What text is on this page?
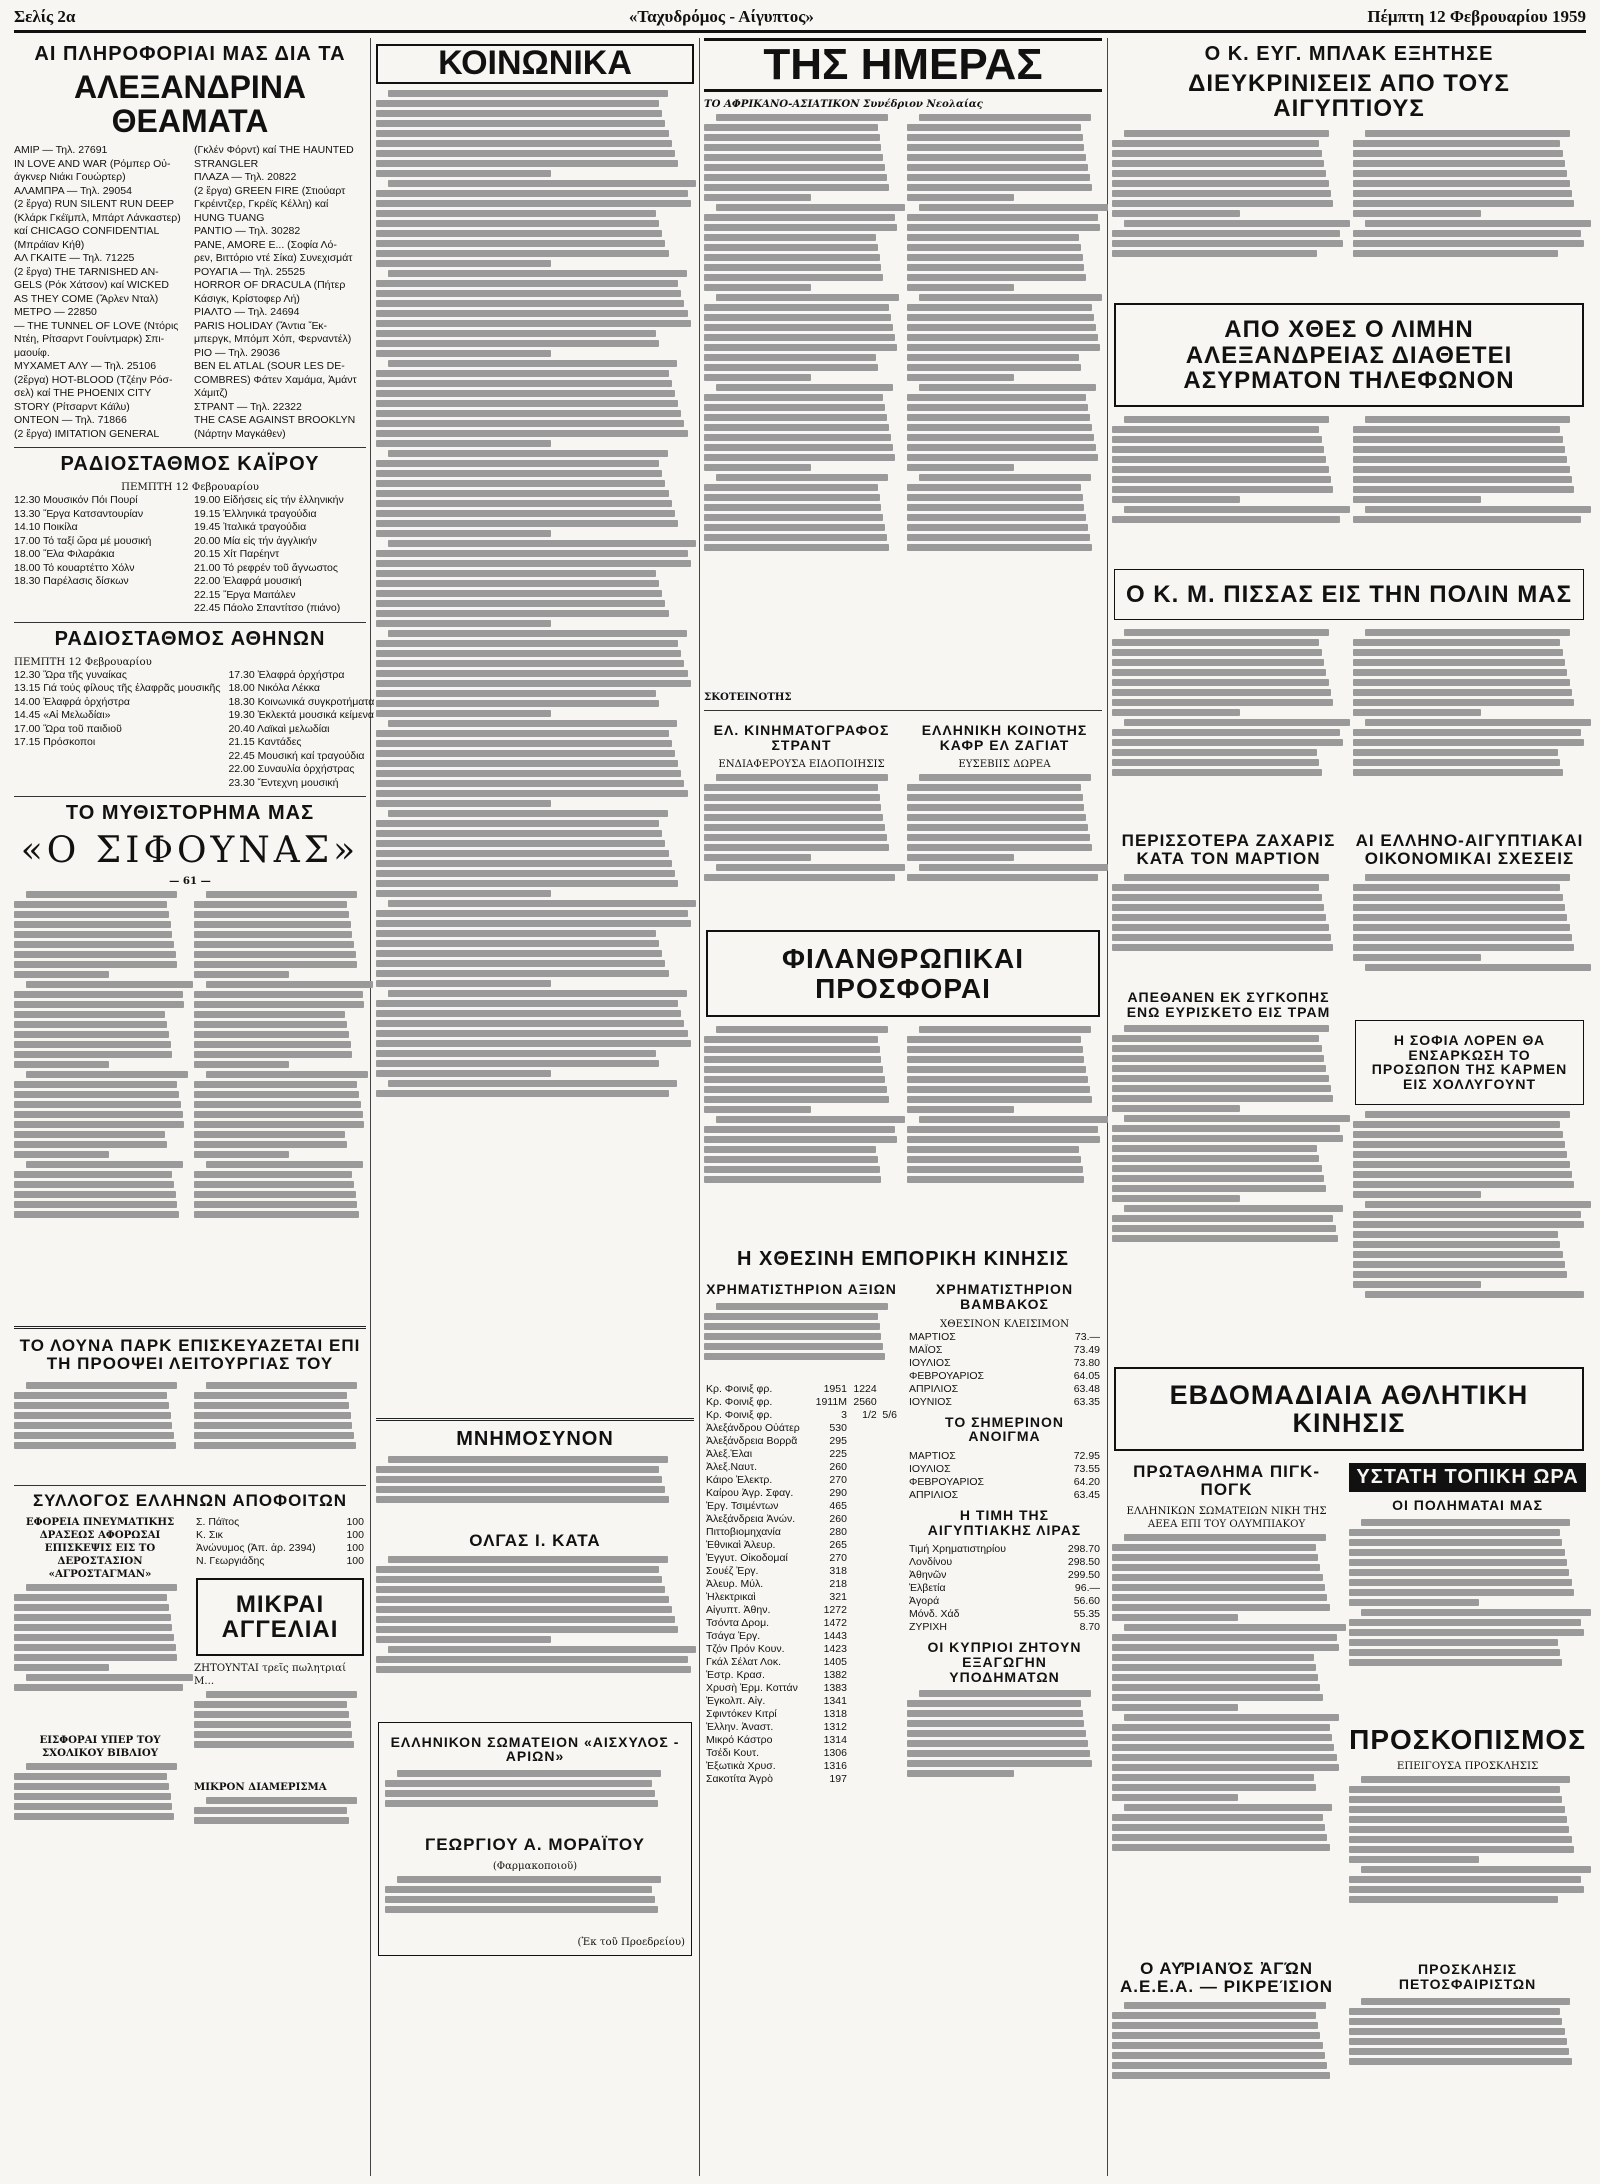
Σελίς 2α	«Ταχυδρόμος - Αίγυπτος»	Πέμπτη 12 Φεβρουαρίου 1959
ΑΙ ΠΛΗΡΟΦΟΡΙΑΙ ΜΑΣ ΔΙΑ ΤΑ
ΑΛΕΞΑΝΔΡΙΝΑ ΘΕΑΜΑΤΑ
ΑΜΙΡ — Τηλ. 27691
IN LOVE AND WAR (Ρόμπερ Οὐ-
άγκνερ Νιάκι Γουώρτερ)
ΑΛΑΜΠΡΑ — Τηλ. 29054
(2 ἔργα) RUN SILENT RUN DEEP
(Κλάρκ Γκέϊμπλ, Μπάρτ Λάνκαστερ)
καί CHICAGO CONFIDENTIAL
(Μπράϊαν Κήθ)
ΑΛ ΓΚΑΙΤΕ — Τηλ. 71225
(2 ἔργα) THE TARNISHED AN-
GELS (Ρόκ Χάτσον) καί WICKED
AS THEY COME (Ἄρλεν Νταλ)
ΜΕΤΡΟ — 22850
— THE TUNNEL OF LOVE (Ντόρις
Ντέη, Ρίτσαρντ Γουίντμαρκ) Σπι-
μαουίφ.
ΜΥΧΑΜΕΤ ΑΛΥ — Τηλ. 25106
(2ἔργα) HOT-BLOOD (Τζέην Ρόσ-
σελ) καί THE PHOENIX CITY
STORY (Ρίτσαρντ Κάϊλυ)
ΟΝΤΕΟΝ — Τηλ. 71866
(2 ἔργα) IMITATION GENERAL
(Γκλέν Φόρντ) καί THE HAUNTED
STRANGLER
ΠΛΑΖΑ — Τηλ. 20822
(2 ἔργα) GREEN FIRE (Στιούαρτ
Γκρέιντζερ, Γκρέϊς Κέλλη) καί
HUNG TUANG
ΡΑΝΤΙΟ — Τηλ. 30282
PANE, AMORE E... (Σοφία Λό-
ρεν, Βιττόριο ντέ Σίκα) Συνεχισμάτ
ΡΟΥΑΓΙΑ — Τηλ. 25525
HORROR OF DRACULA (Πήτερ
Κάσιγκ, Κρίστοφερ Λή)
ΡΙΑΛΤΟ — Τηλ. 24694
PARIS HOLIDAY (Ἄντια Ἔκ-
μπεργκ, Μπόμπ Χόπ, Φερναντέλ)
ΡΙΟ — Τηλ. 29036
BEN EL ATLAL (SOUR LES DE-
COMBRES) Φάτεν Χαμάμα, Ἀμάντ
Χάμιτζ)
ΣΤΡΑΝΤ — Τηλ. 22322
THE CASE AGAINST BROOKLYN
(Νάρτην Μαγκάθεν)
ΡΑΔΙΟΣΤΑΘΜΟΣ ΚΑΪΡΟΥ
ΠΕΜΠΤΗ 12 Φεβρουαρίου
12.30 Μουσικόν Πόι Πουρί
13.30 Ἔργα Κατσαντουρίαν
14.10 Ποικίλα
17.00 Τό ταξί ὥρα μέ μουσική
18.00 Ἔλα Φιλαράκια
18.00 Τό κουαρτέττο Χόλν
18.30 Παρέλασις δίσκων
19.00 Εἰδήσεις εἰς τήν ἑλληνικήν
19.15 Ἑλληνικά τραγούδια
19.45 Ἰταλικά τραγούδια
20.00 Μία εἰς τήν ἀγγλικήν
20.15 Χίτ Παρέηντ
21.00 Τό ρεφρέν τοῦ ἄγνωστος
22.00 Ἐλαφρά μουσική
22.15 Ἔργα Μαιτάλεν
22.45 Πάολο Σπαντίτσο (πιάνο)
ΡΑΔΙΟΣΤΑΘΜΟΣ ΑΘΗΝΩΝ
ΠΕΜΠΤΗ 12 Φεβρουαρίου
12.30 Ὥρα τῆς γυναίκας
13.15 Γιά τούς φίλους τῆς ἐλαφρᾶς μουσικῆς
14.00 Ἐλαφρά ὀρχήστρα
14.45 «Αἱ Μελωδίαι»
17.00 Ὥρα τοῦ παιδιοῦ
17.15 Πρόσκοποι
17.30 Ἐλαφρά ὀρχήστρα
18.00 Νικόλα Λέκκα
18.30 Κοινωνικά συγκροτήματα
19.30 Ἐκλεκτά μουσικά κείμενα
20.40 Λαϊκαὶ μελωδίαι
21.15 Καντάδες
22.45 Μουσική καί τραγούδια
22.00 Συναυλία ὀρχήστρας
23.30 Ἔντεχνη μουσική
ΤΟ ΜΥΘΙΣΤΟΡΗΜΑ ΜΑΣ
«Ο ΣΙΦΟΥΝΑΣ»
— 61 —
ΤΟ ΛΟΥΝΑ ΠΑΡΚ ΕΠΙΣΚΕΥΑΖΕΤΑΙ ΕΠΙ ΤΗ ΠΡΟΟΨΕΙ ΛΕΙΤΟΥΡΓΙΑΣ ΤΟΥ
ΣΥΛΛΟΓΟΣ ΕΛΛΗΝΩΝ ΑΠΟΦΟΙΤΩΝ
ΕΦΟΡΕΙΑ ΠΝΕΥΜΑΤΙΚΗΣ ΔΡΑΣΕΩΣ ΑΦΟΡΩΣΑΙ ΕΠΙΣΚΕΨΙΣ ΕΙΣ ΤΟ ΔΕΡΟΣΤΑΣΙΟΝ «ΑΓΡΟΣΤΑΓΜΑΝ»
ΕΙΣΦΟΡΑΙ ΥΠΕΡ ΤΟΥ ΣΧΟΛΙΚΟΥ ΒΙΒΛΙΟΥ
Σ. Πάϊτος	100
Κ. Σικ	100
Ἀνώνυμος (Ἀπ. ἀρ. 2394)	100
Ν. Γεωργιάδης	100
ΜΙΚΡΑΙ ΑΓΓΕΛΙΑΙ
ΖΗΤΟΥΝΤΑΙ τρεῖς πωλητριαί Μ...
ΜΙΚΡΟΝ ΔΙΑΜΕΡΙΣΜΑ
ΚΟΙΝΩΝΙΚΑ
ΜΝΗΜΟΣΥΝΟΝ
ΟΛΓΑΣ Ι. ΚΑΤΑ
ΕΛΛΗΝΙΚΟΝ ΣΩΜΑΤΕΙΟΝ «ΑΙΣΧΥΛΟΣ - ΑΡΙΩΝ»
ΓΕΩΡΓΙΟΥ Α. ΜΟΡΑΪΤΟΥ
(Φαρμακοποιοῦ)
(Ἐκ τοῦ Προεδρείου)
ΤΗΣ ΗΜΕΡΑΣ
ΤΟ ΑΦΡΙΚΑΝΟ-ΑΣΙΑΤΙΚΟΝ Συνέδριον Νεολαίας
ΣΚΟΤΕΙΝΟΤΗΣ
ΕΛ. ΚΙΝΗΜΑΤΟΓΡΑΦΟΣ ΣΤΡΑΝΤ
ΕΝΔΙΑΦΕΡΟΥΣΑ ΕΙΔΟΠΟΙΗΣΙΣ
ΕΛΛΗΝΙΚΗ ΚΟΙΝΟΤΗΣ ΚΑΦΡ ΕΛ ΖΑΓΙΑΤ
ΕΥΣΕΒΙΙΣ ΔΩΡΕΑ
ΦΙΛΑΝΘΡΩΠΙΚΑΙ ΠΡΟΣΦΟΡΑΙ
Η ΧΘΕΣΙΝΗ ΕΜΠΟΡΙΚΗ ΚΙΝΗΣΙΣ
ΧΡΗΜΑΤΙΣΤΗΡΙΟΝ ΑΞΙΩΝ
Κρ. Φοινιξ φρ.	1951	1224	
Κρ. Φοινιξ φρ.	1911Μ	2560	
Κρ. Φοινιξ φρ.	3	1/2	5/6
Ἀλεξάνδρου Οὐάτερ	530		
Ἀλεξάνδρεια Βορρᾶ	295		
Ἀλεξ.Ἑλαι	225		
Ἀλεξ.Ναυτ.	260		
Κάιρο Ἐλεκτρ.	270		
Καίρου Ἀγρ. Σφαγ.	290		
Ἐργ. Τσιμέντων	465		
Ἀλεξάνδρεια Ἀνών.	260		
Πιττοβιομηχανία	280		
Ἐθνικαὶ Ἀλευρ.	265		
Ἐγγυτ. Οἰκοδομαί	270		
Σουέζ Ἐργ.	318		
Ἀλευρ. Μύλ.	218		
Ἡλεκτρικαὶ	321		
Αἰγυπτ. Ἀθην.	1272		
Τσόντα Δρομ.	1472		
Τσάγα Ἐργ.	1443		
Τζόν Πρόν Κουν.	1423		
Γκάλ Σέλατ Λοκ.	1405		
Ἐστρ. Κρασ.	1382		
Χρυσὴ Ἐρμ. Κοττάν	1383		
Ἐγκολπ. Αἰγ.	1341		
Σφιντόκεν Κιτρί	1318		
Ἐλλην. Ἀναστ.	1312		
Μικρό Κάστρο	1314		
Τσέδι Κουτ.	1306		
Ἐξωτικὰ Χρυσ.	1316		
Σακοτίτα Ἀγρὸ	197		
ΧΡΗΜΑΤΙΣΤΗΡΙΟΝ ΒΑΜΒΑΚΟΣ
ΧΘΕΣΙΝΟΝ ΚΛΕΙΣΙΜΟΝ
ΜΑΡΤΙΟΣ	73.—
ΜΑΪΟΣ	73.49
ΙΟΥΛΙΟΣ	73.80
ΦΕΒΡΟΥΑΡΙΟΣ	64.05
ΑΠΡΙΛΙΟΣ	63.48
ΙΟΥΝΙΟΣ	63.35
ΤΟ ΣΗΜΕΡΙΝΟΝ ΑΝΟΙΓΜΑ
ΜΑΡΤΙΟΣ	72.95
ΙΟΥΛΙΟΣ	73.55
ΦΕΒΡΟΥΑΡΙΟΣ	64.20
ΑΠΡΙΛΙΟΣ	63.45
Η ΤΙΜΗ ΤΗΣ ΑΙΓΥΠΤΙΑΚΗΣ ΛΙΡΑΣ
Τιμή Χρηματιστηρίου	298.70
Λονδίνου	298.50
Ἀθηνῶν	299.50
Ἐλβετία	96.—
Ἀγορά	56.60
Μόνδ. Χάδ	55.35
ΖΥΡΙΧΗ	8.70
ΟΙ ΚΥΠΡΙΟΙ ΖΗΤΟΥΝ ΕΞΑΓΩΓΗΝ ΥΠΟΔΗΜΑΤΩΝ
Ο Κ. ΕΥΓ. ΜΠΛΑΚ ΕΞΗΤΗΣΕ
ΔΙΕΥΚΡΙΝΙΣΕΙΣ ΑΠΟ ΤΟΥΣ ΑΙΓΥΠΤΙΟΥΣ
ΑΠΟ ΧΘΕΣ Ο ΛΙΜΗΝ ΑΛΕΞΑΝΔΡΕΙΑΣ ΔΙΑΘΕΤΕΙ ΑΣΥΡΜΑΤΟΝ ΤΗΛΕΦΩΝΟΝ
Ο Κ. Μ. ΠΙΣΣΑΣ ΕΙΣ ΤΗΝ ΠΟΛΙΝ ΜΑΣ
ΠΕΡΙΣΣΟΤΕΡΑ ΖΑΧΑΡΙΣ ΚΑΤΑ ΤΟΝ ΜΑΡΤΙΟΝ
ΑΠΕΘΑΝΕΝ ΕΚ ΣΥΓΚΟΠΗΣ ΕΝΩ ΕΥΡΙΣΚΕΤΟ ΕΙΣ ΤΡΑΜ
ΑΙ ΕΛΛΗΝΟ-ΑΙΓΥΠΤΙΑΚΑΙ ΟΙΚΟΝΟΜΙΚΑΙ ΣΧΕΣΕΙΣ
Η ΣΟΦΙΑ ΛΟΡΕΝ ΘΑ ΕΝΣΑΡΚΩΣΗ ΤΟ ΠΡΟΣΩΠΟΝ ΤΗΣ ΚΑΡΜΕΝ ΕΙΣ ΧΟΛΛΥΓΟΥΝΤ
ΕΒΔΟΜΑΔΙΑΙΑ ΑΘΛΗΤΙΚΗ ΚΙΝΗΣΙΣ
ΠΡΩΤΑΘΛΗΜΑ ΠΙΓΚ-ΠΟΓΚ
ΕΛΛΗΝΙΚΩΝ ΣΩΜΑΤΕΙΩΝ ΝΙΚΗ ΤΗΣ ΑΕΕΑ ΕΠΙ ΤΟΥ ΟΛΥΜΠΙΑΚΟΥ
Ο ΑΥ̓ΡΙΑΝΌΣ ἈΓΏΝ Α.Ε.Ε.Α. — ΡΙΚΡΕΊΣΙΟΝ
ΥΣΤΑΤΗ ΤΟΠΙΚΗ ΩΡΑ
ΟΙ ΠΟΛΗΜΑΤΑΙ ΜΑΣ
ΠΡΟΣΚΟΠΙΣΜΟΣ
ΕΠΕΙΓΟΥΣΑ ΠΡΟΣΚΛΗΣΙΣ
ΠΡΟΣΚΛΗΣΙΣ ΠΕΤΟΣΦΑΙΡΙΣΤΩΝ
